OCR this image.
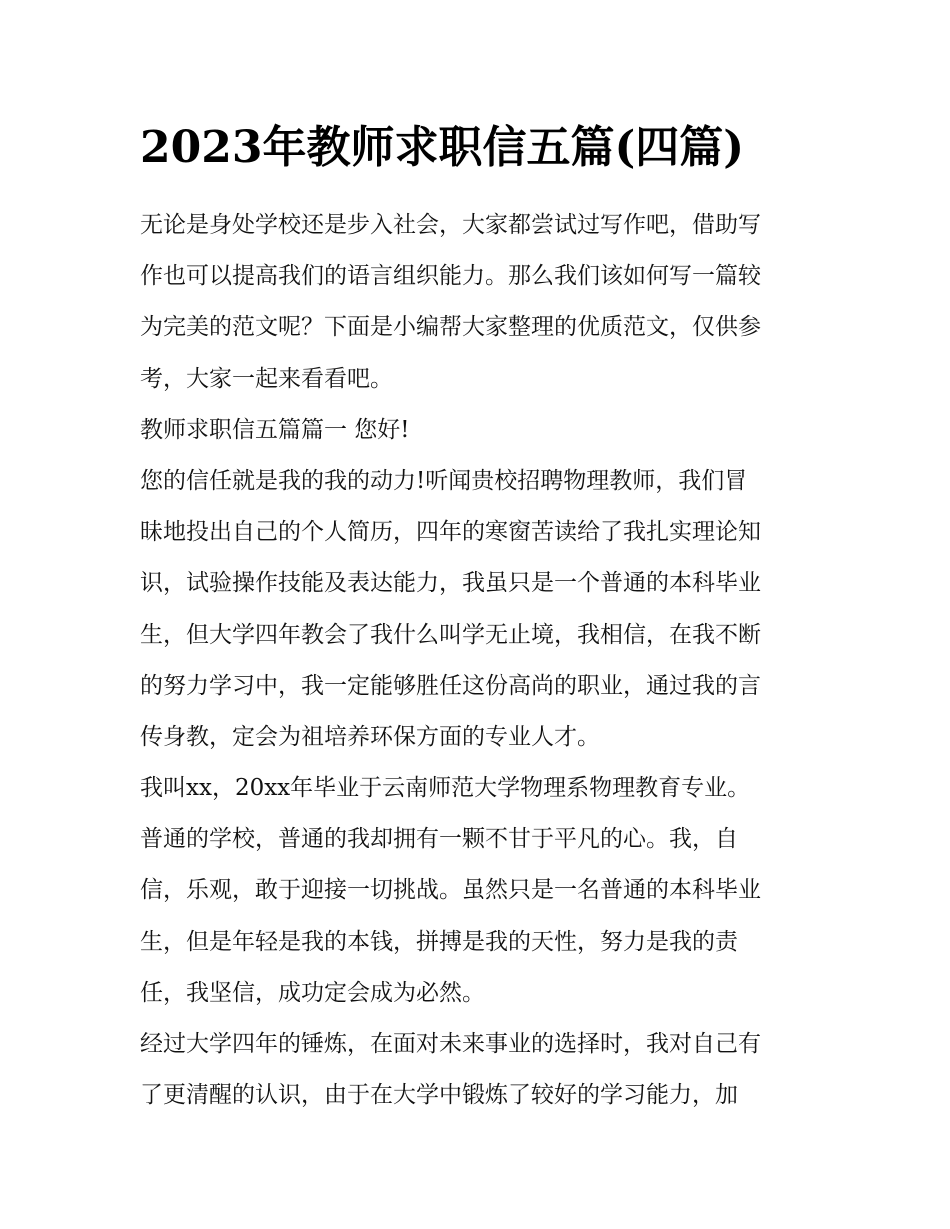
2023年教师求职信五篇(四篇)

无论是身处学校还是步入社会，大家都尝试过写作吧，借助写
作也可以提高我们的语言组织能力。那么我们该如何写一篇较
为完美的范文呢？下面是小编帮大家整理的优质范文，仅供参
考，大家一起来看看吧。

教师求职信五篇篇一 您好!

您的信任就是我的我的动力!听闻贵校招聘物理教师，我们冒
昧地投出自己的个人简历，四年的寒窗苦读给了我扎实理论知
识，试验操作技能及表达能力，我虽只是一个普通的本科毕业
生，但大学四年教会了我什么叫学无止境，我相信，在我不断
的努力学习中，我一定能够胜任这份高尚的职业，通过我的言
传身教，定会为祖培养环保方面的专业人才。

我叫xx，20xx年毕业于云南师范大学物理系物理教育专业。

普通的学校，普通的我却拥有一颗不甘于平凡的心。我，自
信，乐观，敢于迎接一切挑战。虽然只是一名普通的本科毕业
生，但是年轻是我的本钱，拼搏是我的天性，努力是我的责
任，我坚信，成功定会成为必然。

经过大学四年的锤炼，在面对未来事业的选择时，我对自己有
了更清醒的认识，由于在大学中锻炼了较好的学习能力，加
